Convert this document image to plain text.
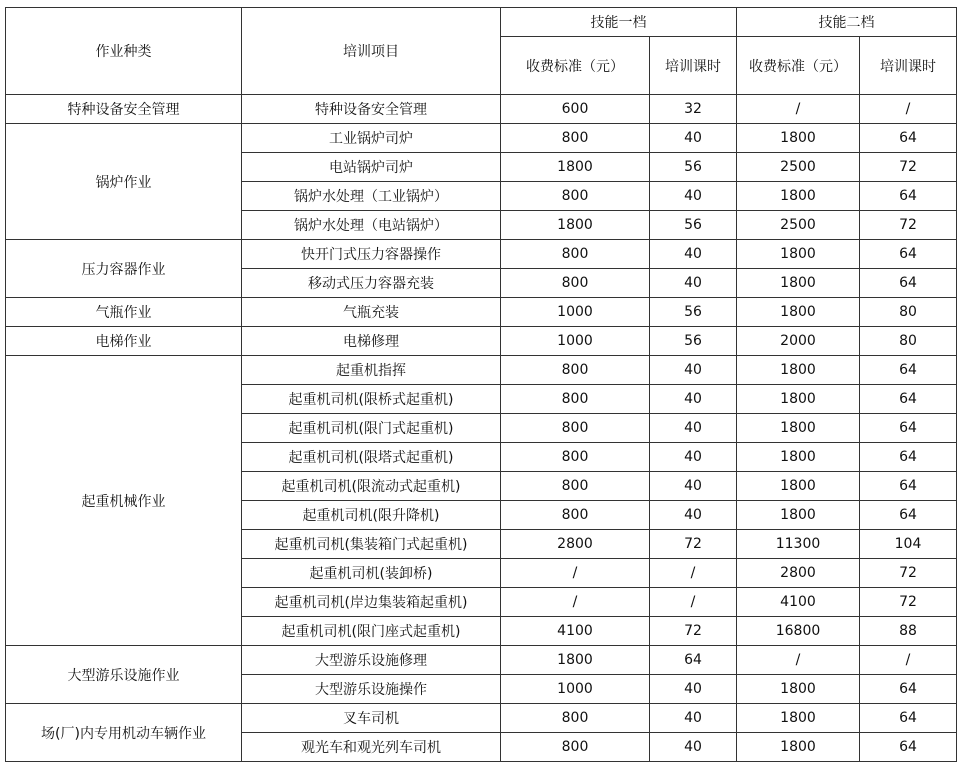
作业种类	培训项目	技能一档		技能二档	
		收费标准（元）	培训课时	收费标准（元）	培训课时
特种设备安全管理	特种设备安全管理	600	32	/	/
锅炉作业	工业锅炉司炉	800	40	1800	64
	电站锅炉司炉	1800	56	2500	72
	锅炉水处理（工业锅炉）	800	40	1800	64
	锅炉水处理（电站锅炉）	1800	56	2500	72
压力容器作业	快开门式压力容器操作	800	40	1800	64
	移动式压力容器充装	800	40	1800	64
气瓶作业	气瓶充装	1000	56	1800	80
电梯作业	电梯修理	1000	56	2000	80
起重机械作业	起重机指挥	800	40	1800	64
	起重机司机(限桥式起重机)	800	40	1800	64
	起重机司机(限门式起重机)	800	40	1800	64
	起重机司机(限塔式起重机)	800	40	1800	64
	起重机司机(限流动式起重机)	800	40	1800	64
	起重机司机(限升降机)	800	40	1800	64
	起重机司机(集装箱门式起重机)	2800	72	11300	104
	起重机司机(装卸桥)	/	/	2800	72
	起重机司机(岸边集装箱起重机)	/	/	4100	72
	起重机司机(限门座式起重机)	4100	72	16800	88
大型游乐设施作业	大型游乐设施修理	1800	64	/	/
	大型游乐设施操作	1000	40	1800	64
场(厂)内专用机动车辆作业	叉车司机	800	40	1800	64
	观光车和观光列车司机	800	40	1800	64
